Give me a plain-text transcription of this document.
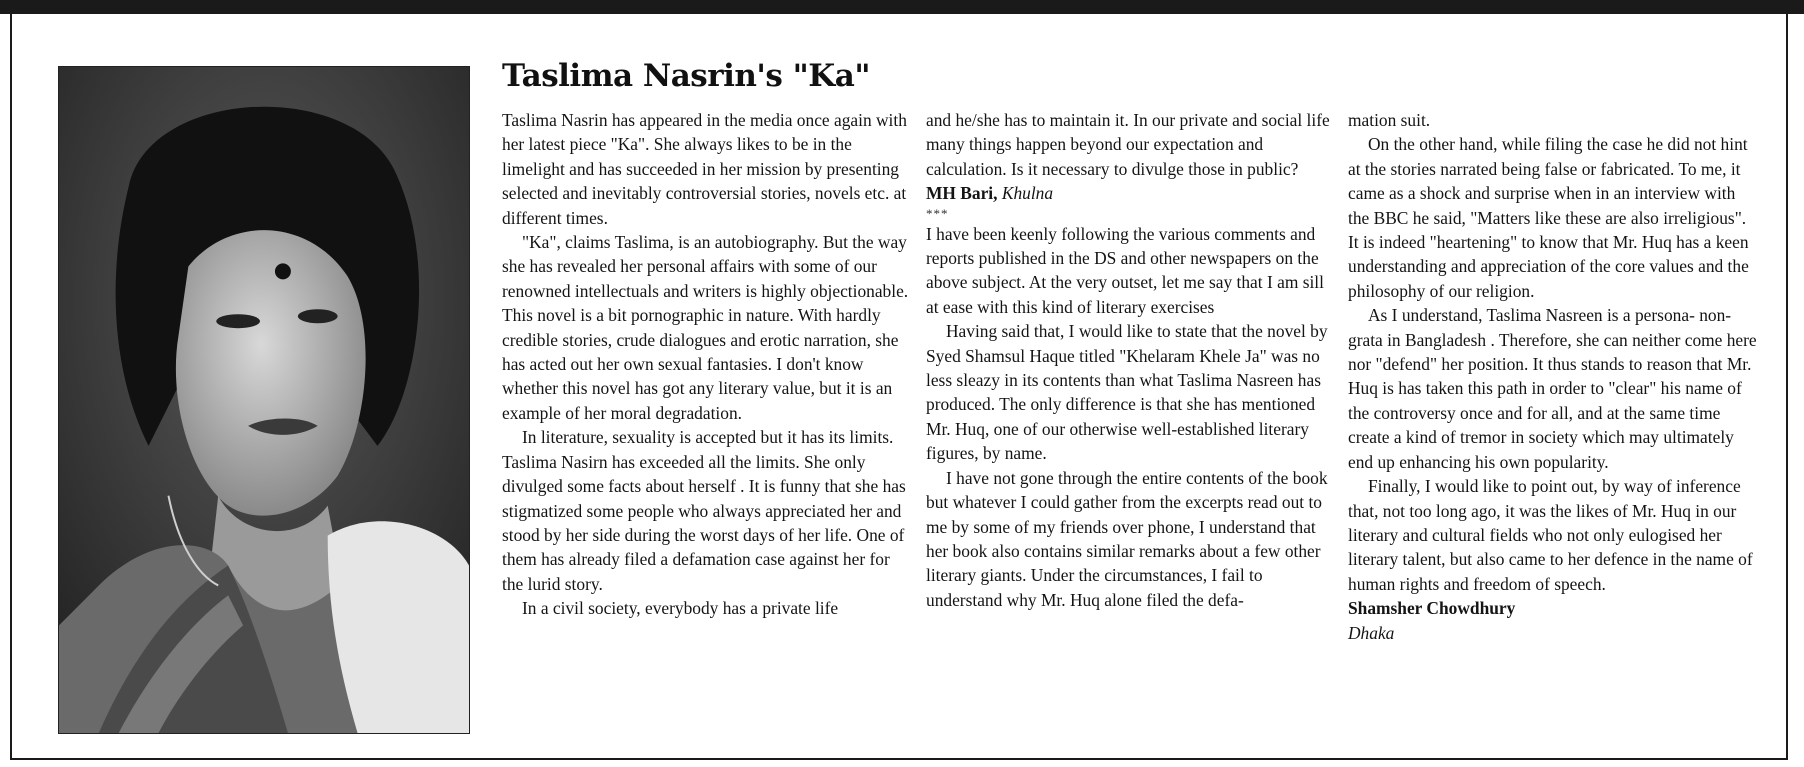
Taslima Nasrin's "Ka"

Taslima Nasrin has appeared in the media once again with her latest piece "Ka". She always likes to be in the limelight and has succeeded in her mission by presenting selected and inevitably controversial stories, novels etc. at different times.

"Ka", claims Taslima, is an autobiography. But the way she has revealed her personal affairs with some of our renowned intellectuals and writers is highly objectionable. This novel is a bit pornographic in nature. With hardly credible stories, crude dialogues and erotic narration, she has acted out her own sexual fantasies. I don't know whether this novel has got any literary value, but it is an example of her moral degradation.

In literature, sexuality is accepted but it has its limits. Taslima Nasirn has exceeded all the limits. She only divulged some facts about herself . It is funny that she has stigmatized some people who always appreciated her and stood by her side during the worst days of her life. One of them has already filed a defamation case against her for the lurid story.

In a civil society, everybody has a private life

and he/she has to maintain it. In our private and social life many things happen beyond our expectation and calculation. Is it necessary to divulge those in public?

MH Bari, Khulna

***

I have been keenly following the various comments and reports published in the DS and other newspapers on the above subject. At the very outset, let me say that I am sill at ease with this kind of literary exercises

Having said that, I would like to state that the novel by Syed Shamsul Haque titled "Khelaram Khele Ja" was no less sleazy in its contents than what Taslima Nasreen has produced. The only difference is that she has mentioned Mr. Huq, one of our otherwise well-established literary figures, by name.

I have not gone through the entire contents of the book but whatever I could gather from the excerpts read out to me by some of my friends over phone, I understand that her book also contains similar remarks about a few other literary giants. Under the circumstances, I fail to understand why Mr. Huq alone filed the defa-

mation suit.

On the other hand, while filing the case he did not hint at the stories narrated being false or fabricated. To me, it came as a shock and surprise when in an interview with the BBC he said, "Matters like these are also irreligious". It is indeed "heartening" to know that Mr. Huq has a keen understanding and appreciation of the core values and the philosophy of our religion.

As I understand, Taslima Nasreen is a persona- non-grata in Bangladesh . Therefore, she can neither come here nor "defend" her position. It thus stands to reason that Mr. Huq is has taken this path in order to "clear" his name of the controversy once and for all, and at the same time create a kind of tremor in society which may ultimately end up enhancing his own popularity.

Finally, I would like to point out, by way of inference that, not too long ago, it was the likes of Mr. Huq in our literary and cultural fields who not only eulogised her literary talent, but also came to her defence in the name of human rights and freedom of speech.

Shamsher Chowdhury

Dhaka
